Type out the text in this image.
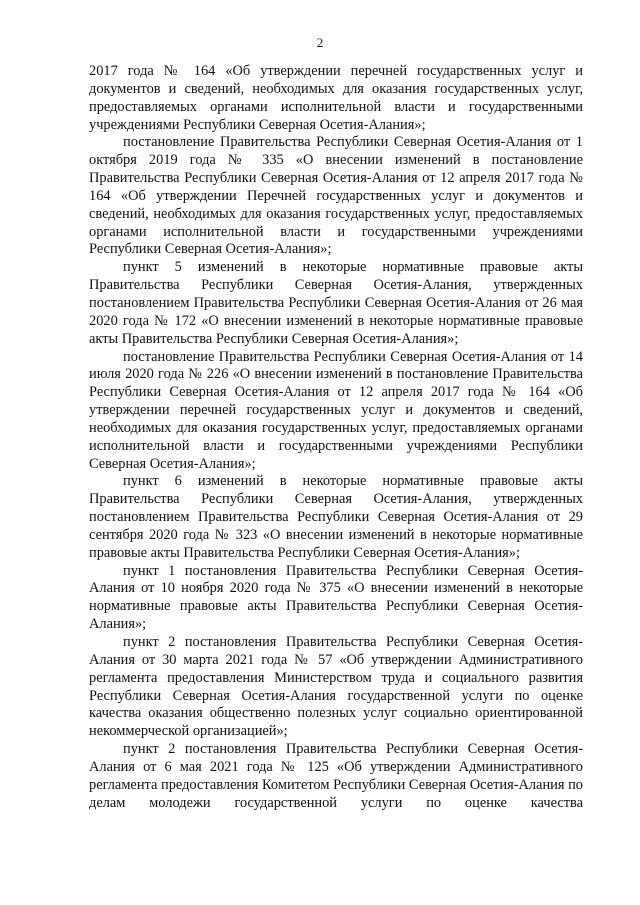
2

2017 года № 164 «Об утверждении перечней государственных услуг и документов и сведений, необходимых для оказания государственных услуг, предоставляемых органами исполнительной власти и государственными учреждениями Республики Северная Осетия-Алания»;

постановление Правительства Республики Северная Осетия-Алания от 1 октября 2019 года № 335 «О внесении изменений в постановление Правительства Республики Северная Осетия-Алания от 12 апреля 2017 года № 164 «Об утверждении Перечней государственных услуг и документов и сведений, необходимых для оказания государственных услуг, предоставляемых органами исполнительной власти и государственными учреждениями Республики Северная Осетия-Алания»;

пункт 5 изменений в некоторые нормативные правовые акты Правительства Республики Северная Осетия-Алания, утвержденных постановлением Правительства Республики Северная Осетия-Алания от 26 мая 2020 года № 172 «О внесении изменений в некоторые нормативные правовые акты Правительства Республики Северная Осетия-Алания»;

постановление Правительства Республики Северная Осетия-Алания от 14 июля 2020 года № 226 «О внесении изменений в постановление Правительства Республики Северная Осетия-Алания от 12 апреля 2017 года № 164 «Об утверждении перечней государственных услуг и документов и сведений, необходимых для оказания государственных услуг, предоставляемых органами исполнительной власти и государственными учреждениями Республики Северная Осетия-Алания»;

пункт 6 изменений в некоторые нормативные правовые акты Правительства Республики Северная Осетия-Алания, утвержденных постановлением Правительства Республики Северная Осетия-Алания от 29 сентября 2020 года № 323 «О внесении изменений в некоторые нормативные правовые акты Правительства Республики Северная Осетия-Алания»;

пункт 1 постановления Правительства Республики Северная Осетия-Алания от 10 ноября 2020 года № 375 «О внесении изменений в некоторые нормативные правовые акты Правительства Республики Северная Осетия-Алания»;

пункт 2 постановления Правительства Республики Северная Осетия-Алания от 30 марта 2021 года № 57 «Об утверждении Административного регламента предоставления Министерством труда и социального развития Республики Северная Осетия-Алания государственной услуги по оценке качества оказания общественно полезных услуг социально ориентированной некоммерческой организацией»;

пункт 2 постановления Правительства Республики Северная Осетия-Алания от 6 мая 2021 года № 125 «Об утверждении Административного регламента предоставления Комитетом Республики Северная Осетия-Алания по делам молодежи государственной услуги по оценке качества
